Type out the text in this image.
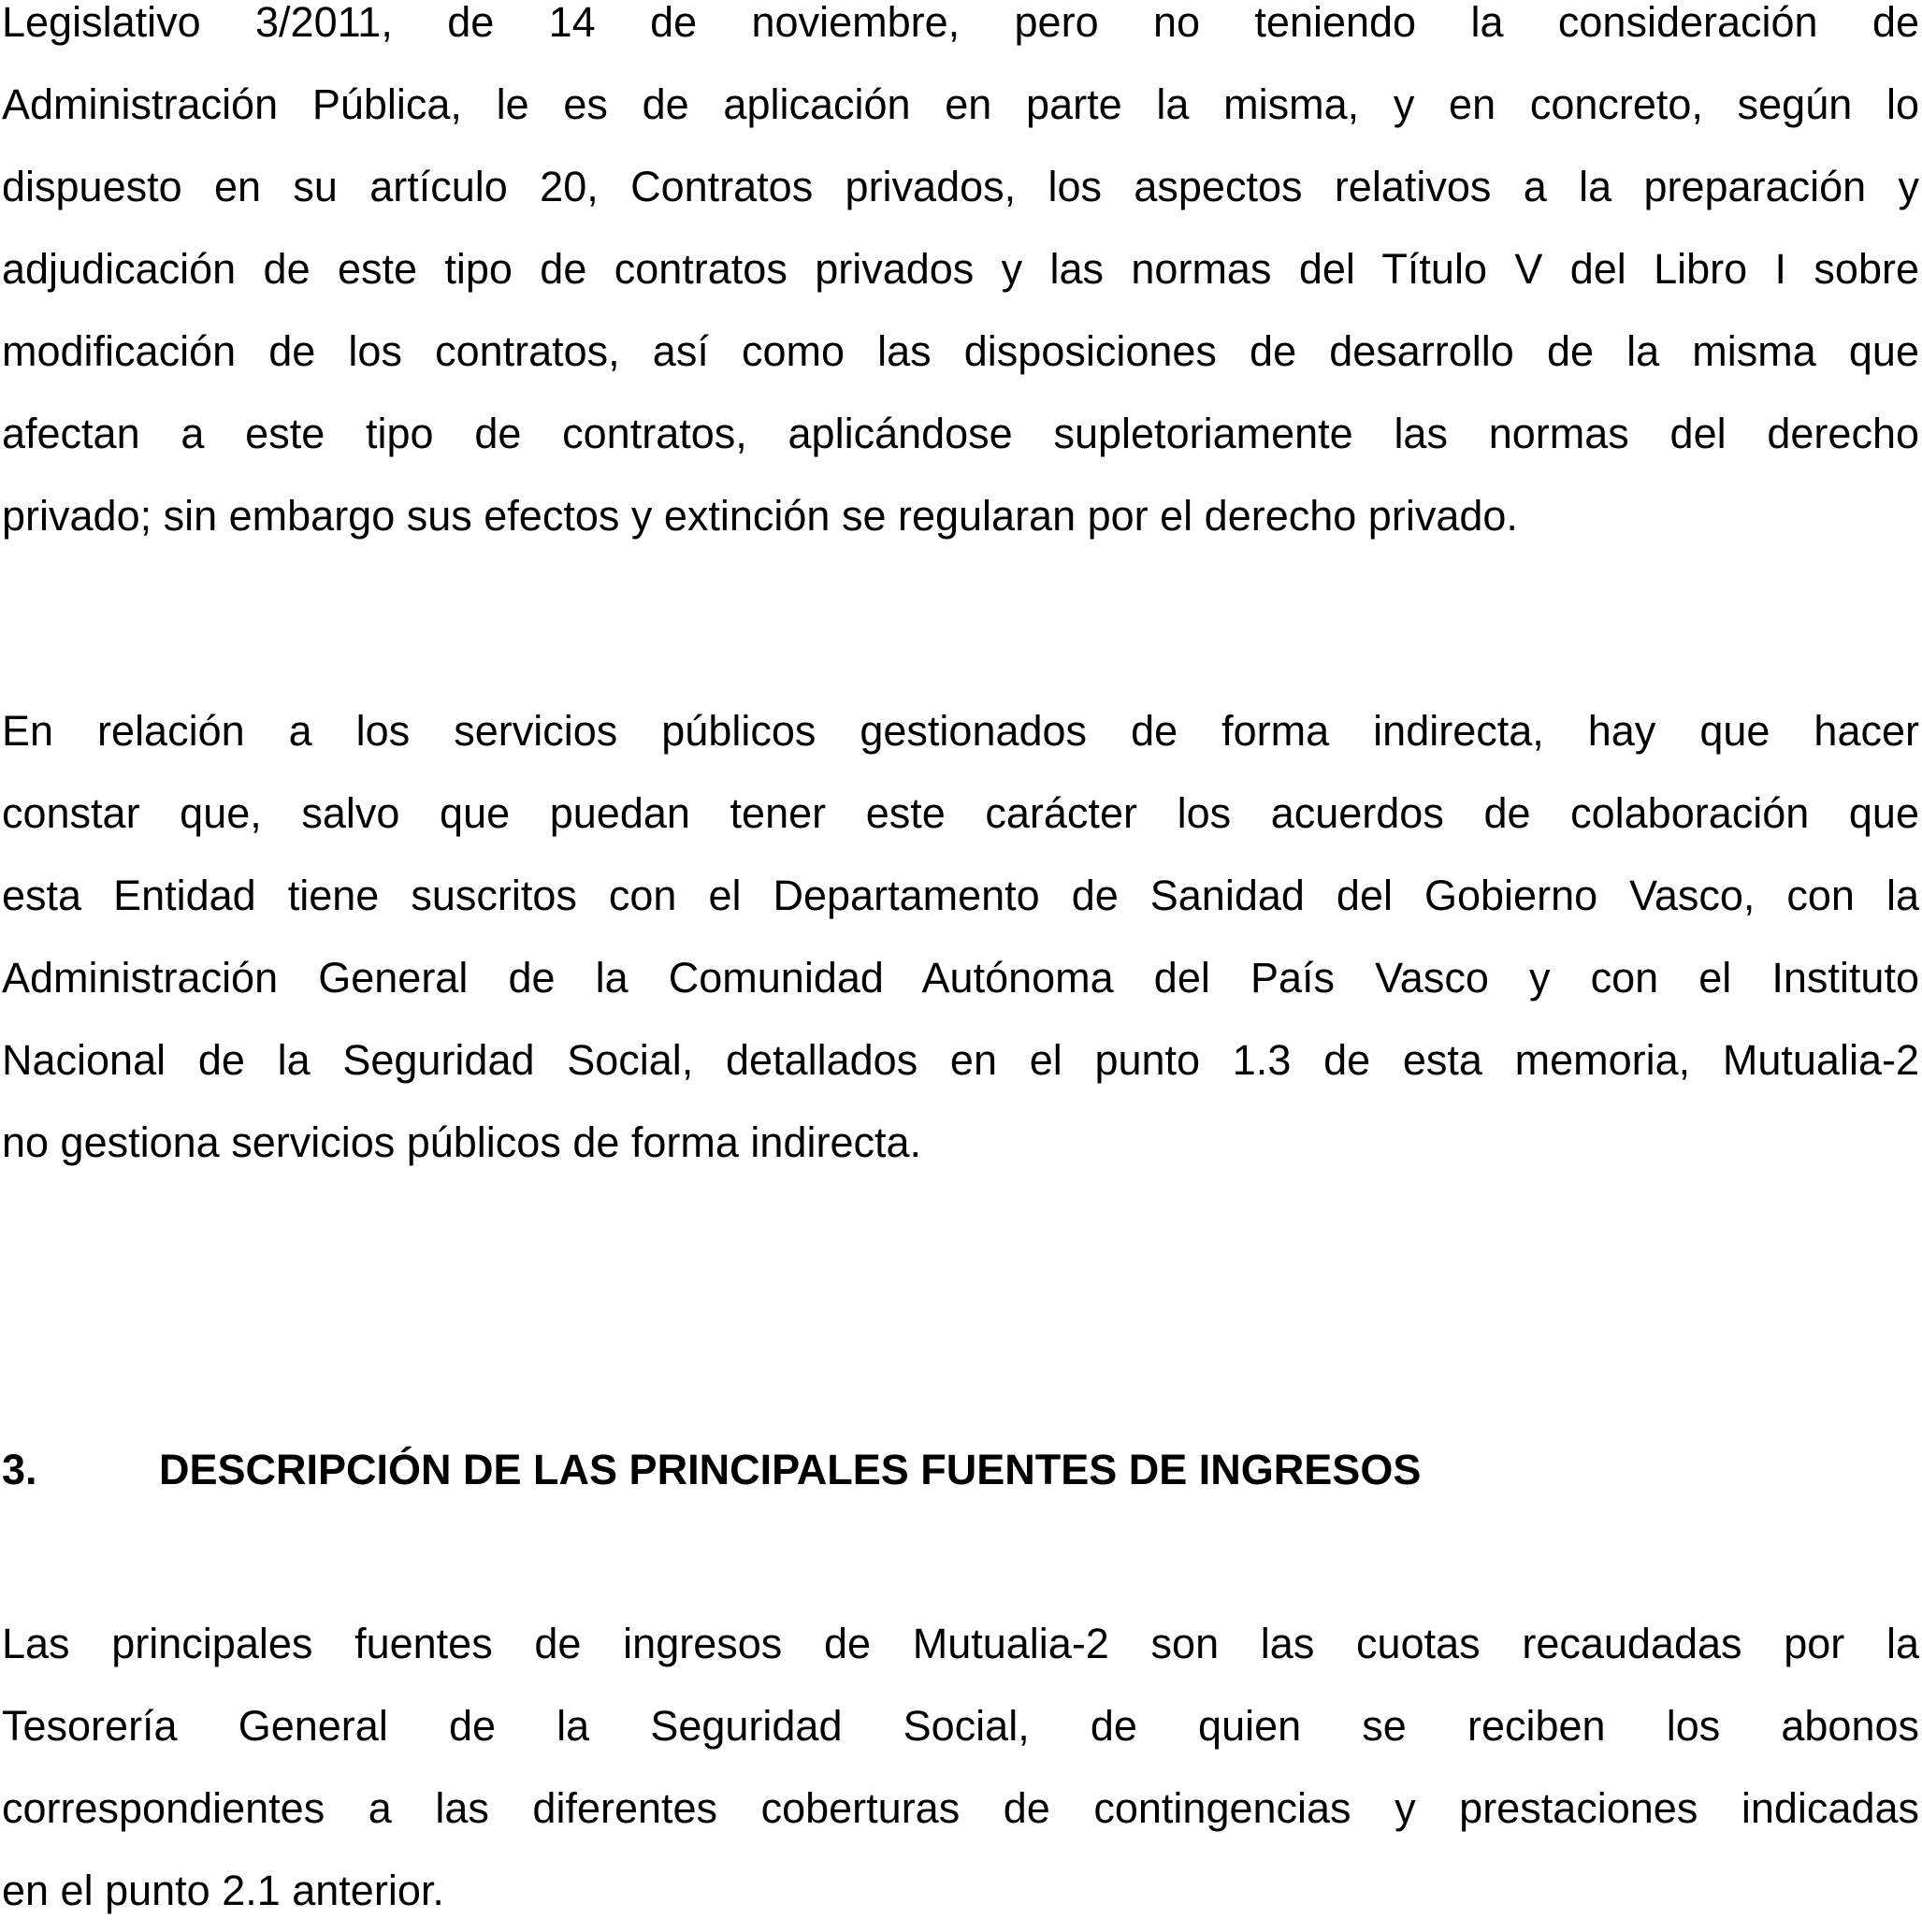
Legislativo 3/2011, de 14 de noviembre, pero no teniendo la consideración de
Administración Pública, le es de aplicación en parte la misma, y en concreto, según lo
dispuesto en su artículo 20, Contratos privados, los aspectos relativos a la preparación y
adjudicación de este tipo de contratos privados y las normas del Título V del Libro I sobre
modificación de los contratos, así como las disposiciones de desarrollo de la misma que
afectan a este tipo de contratos, aplicándose supletoriamente las normas del derecho
privado; sin embargo sus efectos y extinción se regularan por el derecho privado.
En relación a los servicios públicos gestionados de forma indirecta, hay que hacer
constar que, salvo que puedan tener este carácter los acuerdos de colaboración que
esta Entidad tiene suscritos con el Departamento de Sanidad del Gobierno Vasco, con la
Administración General de la Comunidad Autónoma del País Vasco y con el Instituto
Nacional de la Seguridad Social, detallados en el punto 1.3 de esta memoria, Mutualia-2
no gestiona servicios públicos de forma indirecta.
3.	DESCRIPCIÓN DE LAS PRINCIPALES FUENTES DE INGRESOS
Las principales fuentes de ingresos de Mutualia-2 son las cuotas recaudadas por la
Tesorería General de la Seguridad Social, de quien se reciben los abonos
correspondientes a las diferentes coberturas de contingencias y prestaciones indicadas
en el punto 2.1 anterior.
